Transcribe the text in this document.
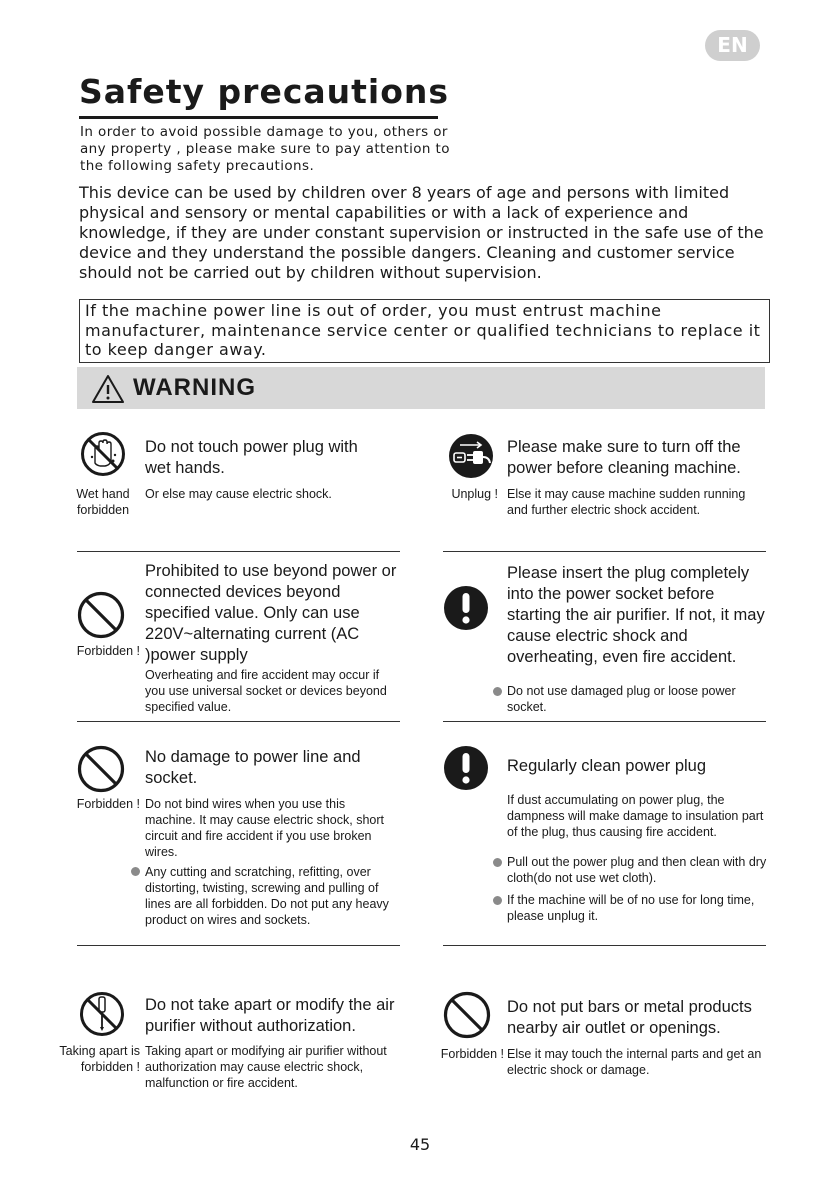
EN
Safety precautions
In order to avoid possible damage to you, others or any property , please make sure to pay attention to the following safety precautions.
This device can be used by children over 8 years of age and persons with limited physical and sensory or mental capabilities or with a lack of experience and knowledge, if they are under constant supervision or instructed in the safe use of the device and they understand the possible dangers. Cleaning and customer service should not be carried out by children without supervision.
If the machine power line is out of order, you must entrust machine manufacturer, maintenance service center or qualified technicians to replace it to keep danger away.
WARNING
Do not touch power plug with wet hands.
Wet hand forbidden
Or else may cause electric shock.
Please make sure to turn off the power before cleaning machine.
Unplug ! Else it may cause machine sudden running and further electric shock accident.
Prohibited to use beyond power or connected devices beyond specified value. Only can use 220V~alternating current (AC )power supply
Forbidden !
Overheating and fire accident may occur if you use universal socket or devices beyond specified value.
Please insert the plug completely into the power socket before starting the air purifier. If not, it may cause electric shock and overheating, even fire accident.
Do not use damaged plug or loose power socket.
No damage to power line and socket.
Forbidden ! Do not bind wires when you use this machine. It may cause electric shock, short circuit and fire accident if you use broken wires.
Any cutting and scratching, refitting, over distorting, twisting, screwing and pulling of lines are all forbidden. Do not put any heavy product on wires and sockets.
Regularly clean power plug
If dust accumulating on power plug, the dampness will make damage to insulation part of the plug, thus causing fire accident.
Pull out the power plug and then clean with dry cloth(do not use wet cloth).
If the machine will be of no use for long time, please unplug it.
Do not take apart or modify the air purifier without authorization.
Taking apart is forbidden !
Taking apart or modifying air purifier without authorization may cause electric shock, malfunction or fire accident.
Do not put bars or metal products nearby air outlet or openings.
Forbidden ! Else it may touch the internal parts and get an electric shock or damage.
45
